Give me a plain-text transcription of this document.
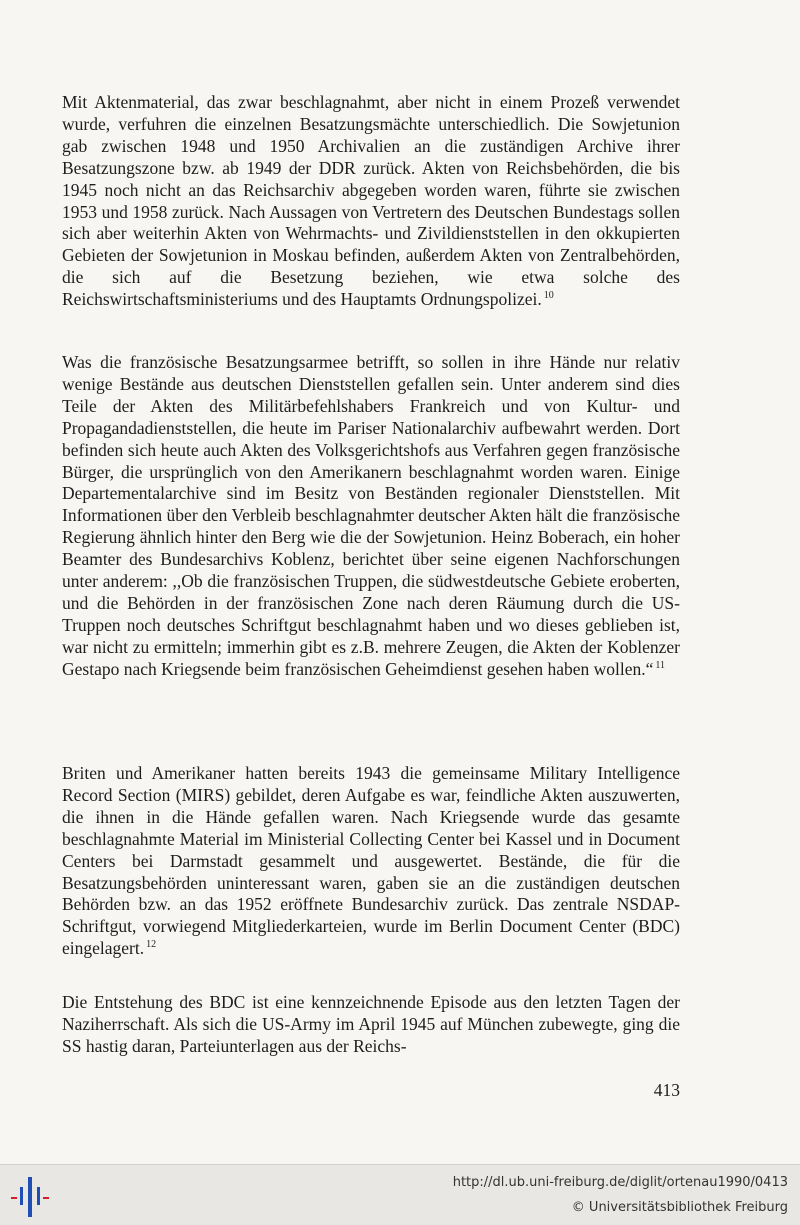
Mit Aktenmaterial, das zwar beschlagnahmt, aber nicht in einem Prozeß verwendet wurde, verfuhren die einzelnen Besatzungsmächte unterschiedlich. Die Sowjetunion gab zwischen 1948 und 1950 Archivalien an die zuständigen Archive ihrer Besatzungszone bzw. ab 1949 der DDR zurück. Akten von Reichsbehörden, die bis 1945 noch nicht an das Reichsarchiv abgegeben worden waren, führte sie zwischen 1953 und 1958 zurück. Nach Aussagen von Vertretern des Deutschen Bundestags sollen sich aber weiterhin Akten von Wehrmachts- und Zivildienststellen in den okkupierten Gebieten der Sowjetunion in Moskau befinden, außerdem Akten von Zentralbehörden, die sich auf die Besetzung beziehen, wie etwa solche des Reichswirtschaftsministeriums und des Hauptamts Ordnungspolizei. $^{10}$

Was die französische Besatzungsarmee betrifft, so sollen in ihre Hände nur relativ wenige Bestände aus deutschen Dienststellen gefallen sein. Unter anderem sind dies Teile der Akten des Militärbefehlshabers Frankreich und von Kultur- und Propagandadienststellen, die heute im Pariser Nationalarchiv aufbewahrt werden. Dort befinden sich heute auch Akten des Volksgerichtshofs aus Verfahren gegen französische Bürger, die ursprünglich von den Amerikanern beschlagnahmt worden waren. Einige Departementalarchive sind im Besitz von Beständen regionaler Dienststellen. Mit Informationen über den Verbleib beschlagnahmter deutscher Akten hält die französische Regierung ähnlich hinter den Berg wie die der Sowjetunion. Heinz Boberach, ein hoher Beamter des Bundesarchivs Koblenz, berichtet über seine eigenen Nachforschungen unter anderem: ,,Ob die französischen Truppen, die südwestdeutsche Gebiete eroberten, und die Behörden in der französischen Zone nach deren Räumung durch die US-Truppen noch deutsches Schriftgut beschlagnahmt haben und wo dieses geblieben ist, war nicht zu ermitteln; immerhin gibt es z.B. mehrere Zeugen, die Akten der Koblenzer Gestapo nach Kriegsende beim französischen Geheimdienst gesehen haben wollen.“ $^{11}$

Briten und Amerikaner hatten bereits 1943 die gemeinsame Military Intelligence Record Section (MIRS) gebildet, deren Aufgabe es war, feindliche Akten auszuwerten, die ihnen in die Hände gefallen waren. Nach Kriegsende wurde das gesamte beschlagnahmte Material im Ministerial Collecting Center bei Kassel und in Document Centers bei Darmstadt gesammelt und ausgewertet. Bestände, die für die Besatzungsbehörden uninteressant waren, gaben sie an die zuständigen deutschen Behörden bzw. an das 1952 eröffnete Bundesarchiv zurück. Das zentrale NSDAP-Schriftgut, vorwiegend Mitgliederkarteien, wurde im Berlin Document Center (BDC) eingelagert. $^{12}$

Die Entstehung des BDC ist eine kennzeichnende Episode aus den letzten Tagen der Naziherrschaft. Als sich die US-Army im April 1945 auf München zubewegte, ging die SS hastig daran, Parteiunterlagen aus der Reichs-

413
http://dl.ub.uni-freiburg.de/diglit/ortenau1990/0413
© Universitätsbibliothek Freiburg
